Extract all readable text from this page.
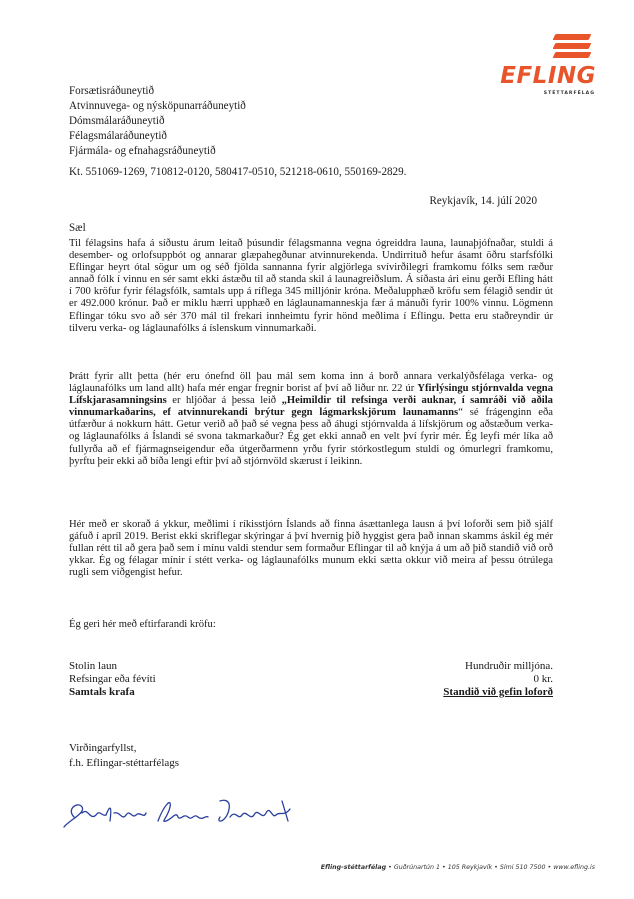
EFLING
STÉTTARFÉLAG
Forsætisráðuneytið
Atvinnuvega- og nýsköpunarráðuneytið
Dómsmálaráðuneytið
Félagsmálaráðuneytið
Fjármála- og efnahagsráðuneytið
Kt. 551069-1269, 710812-0120, 580417-0510, 521218-0610, 550169-2829.
Reykjavík, 14. júlí 2020
Sæl

Til félagsins hafa á síðustu árum leitað þúsundir félagsmanna vegna ógreiddra launa, launaþjófnaðar, stuldi á desember- og orlofsuppbót og annarar glæpahegðunar atvinnurekenda. Undirrituð hefur ásamt öðru starfsfólki Eflingar heyrt ótal sögur um og séð fjölda sannanna fyrir algjörlega svívirðilegri framkomu fólks sem ræður annað fólk í vinnu en sér samt ekki ástæðu til að standa skil á launagreiðslum. Á síðasta ári einu gerði Efling hátt í 700 kröfur fyrir félagsfólk, samtals upp á ríflega 345 milljónir króna. Meðalupphæð kröfu sem félagið sendir út er 492.000 krónur. Það er miklu hærri upphæð en láglaunamanneskja fær á mánuði fyrir 100% vinnu. Lögmenn Eflingar tóku svo að sér 370 mál til frekari innheimtu fyrir hönd meðlima í Eflingu. Þetta eru staðreyndir úr tilveru verka- og láglaunafólks á íslenskum vinnumarkaði.

Þrátt fyrir allt þetta (hér eru ónefnd öll þau mál sem koma inn á borð annara verkalýðsfélaga verka- og láglaunafólks um land allt) hafa mér engar fregnir borist af því að liður nr. 22 úr Yfirlýsingu stjórnvalda vegna Lífskjarasamningsins er hljóðar á þessa leið „Heimildir til refsinga verði auknar, í samráði við aðila vinnumarkaðarins, ef atvinnurekandi brýtur gegn lágmarkskjörum launamanns“ sé frágenginn eða útfærður á nokkurn hátt. Getur verið að það sé vegna þess að áhugi stjórnvalda á lífskjörum og aðstæðum verka- og láglaunafólks á Íslandi sé svona takmarkaður? Ég get ekki annað en velt því fyrir mér. Ég leyfi mér líka að fullyrða að ef fjármagnseigendur eða útgerðarmenn yrðu fyrir stórkostlegum stuldi og ómurlegri framkomu, þyrftu þeir ekki að bíða lengi eftir því að stjórnvöld skærust í leikinn.

Hér með er skorað á ykkur, meðlimi í ríkisstjórn Íslands að finna ásættanlega lausn á því loforði sem þið sjálf gáfuð í apríl 2019. Berist ekki skriflegar skýringar á því hvernig þið hyggist gera það innan skamms áskil ég mér fullan rétt til að gera það sem í mínu valdi stendur sem formaður Eflingar til að knýja á um að þið standið við orð ykkar. Ég og félagar mínir í stétt verka- og láglaunafólks munum ekki sætta okkur við meira af þessu ótrúlega rugli sem viðgengist hefur.

Ég geri hér með eftirfarandi kröfu:

Stolin laun	Hundruðir milljóna.
Refsingar eða févíti	0 kr.
Samtals krafa	Standið við gefin loforð
Virðingarfyllst,
f.h. Eflingar-stéttarfélags
Efling-stéttarfélag • Guðrúnartún 1 • 105 Reykjavík • Sími 510 7500 • www.efling.is
